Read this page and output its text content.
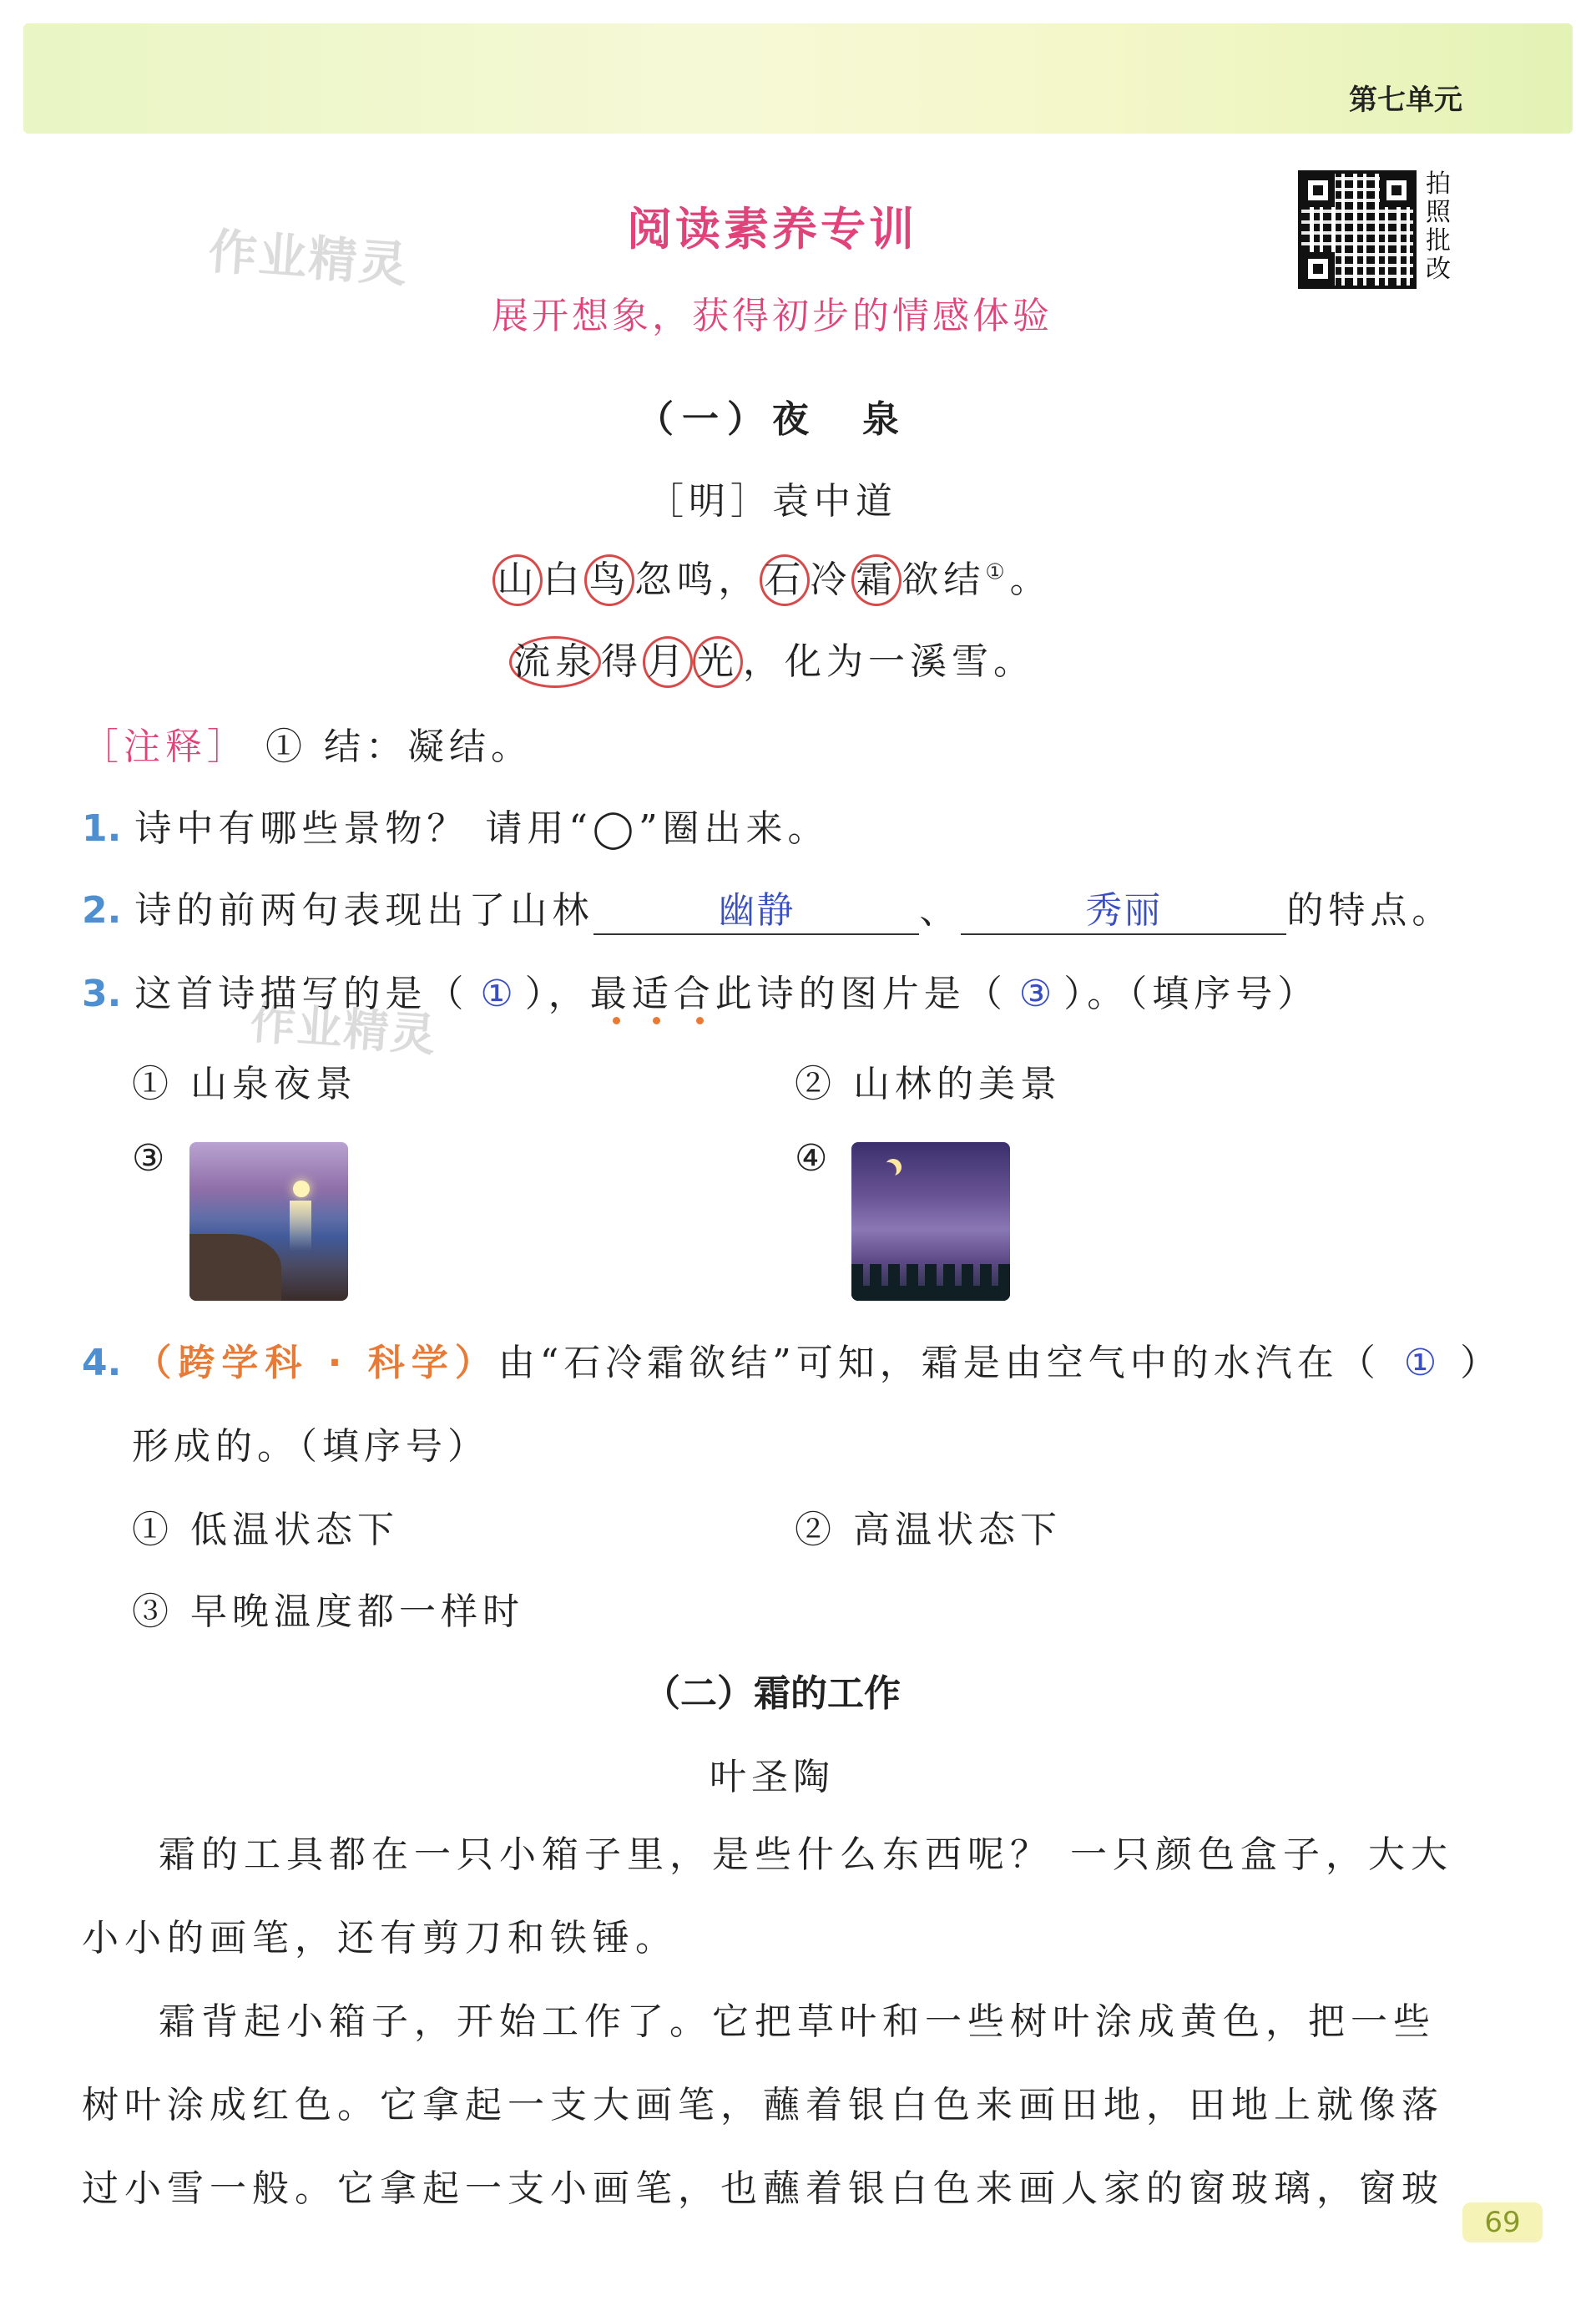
第七单元
作业精灵
作业精灵
阅读素养专训
展开想象，获得初步的情感体验
拍照批改
（一）夜　泉
［明］袁中道
山 白 鸟 忽鸣， 石 冷 霜 欲结①。
流泉 得 月 光 ，化为一溪雪。
［注释］ ① 结：凝结。
1. 诗中有哪些景物？ 请用“◯”圈出来。
2. 诗的前两句表现出了山林	幽静	、	秀丽	的特点。
3. 这首诗描写的是（ ① ），最适合此诗的图片是（ ③ ）。（填序号）
① 山泉夜景	② 山林的美景
③	④
4. （跨学科 · 科学）由“石冷霜欲结”可知，霜是由空气中的水汽在（ ① ）
形成的。（填序号）
① 低温状态下	② 高温状态下
③ 早晚温度都一样时
（二）霜的工作
叶圣陶
霜的工具都在一只小箱子里，是些什么东西呢？ 一只颜色盒子，大大小小的画笔，还有剪刀和铁锤。
霜背起小箱子，开始工作了。它把草叶和一些树叶涂成黄色，把一些树叶涂成红色。它拿起一支大画笔，蘸着银白色来画田地，田地上就像落过小雪一般。它拿起一支小画笔，也蘸着银白色来画人家的窗玻璃，窗玻
69
